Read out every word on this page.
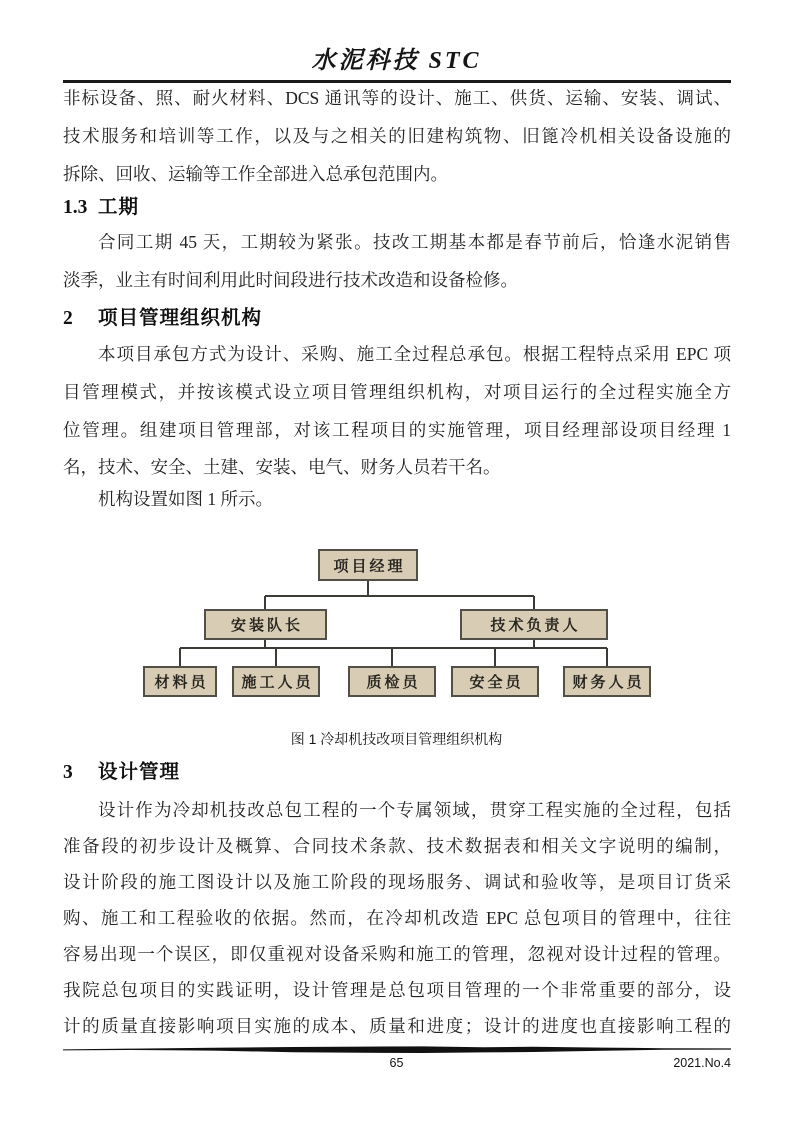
水泥科技 STC
非标设备、照、耐火材料、DCS 通讯等的设计、施工、供货、运输、安装、调试、
技术服务和培训等工作，以及与之相关的旧建构筑物、旧篦冷机相关设备设施的
拆除、回收、运输等工作全部进入总承包范围内。
1.3 工期
合同工期 45 天，工期较为紧张。技改工期基本都是春节前后，恰逢水泥销售
淡季，业主有时间利用此时间段进行技术改造和设备检修。
2 项目管理组织机构
本项目承包方式为设计、采购、施工全过程总承包。根据工程特点采用 EPC 项
目管理模式，并按该模式设立项目管理组织机构，对项目运行的全过程实施全方
位管理。组建项目管理部，对该工程项目的实施管理，项目经理部设项目经理 1
名，技术、安全、土建、安装、电气、财务人员若干名。
机构设置如图 1 所示。
项目经理
安装队长	技术负责人
材料员	施工人员	质检员	安全员	财务人员
图 1 冷却机技改项目管理组织机构
3 设计管理
设计作为冷却机技改总包工程的一个专属领域，贯穿工程实施的全过程，包括
准备段的初步设计及概算、合同技术条款、技术数据表和相关文字说明的编制，
设计阶段的施工图设计以及施工阶段的现场服务、调试和验收等，是项目订货采
购、施工和工程验收的依据。然而，在冷却机改造 EPC 总包项目的管理中，往往
容易出现一个误区，即仅重视对设备采购和施工的管理，忽视对设计过程的管理。
我院总包项目的实践证明，设计管理是总包项目管理的一个非常重要的部分，设
计的质量直接影响项目实施的成本、质量和进度；设计的进度也直接影响工程的
65	2021.No.4
